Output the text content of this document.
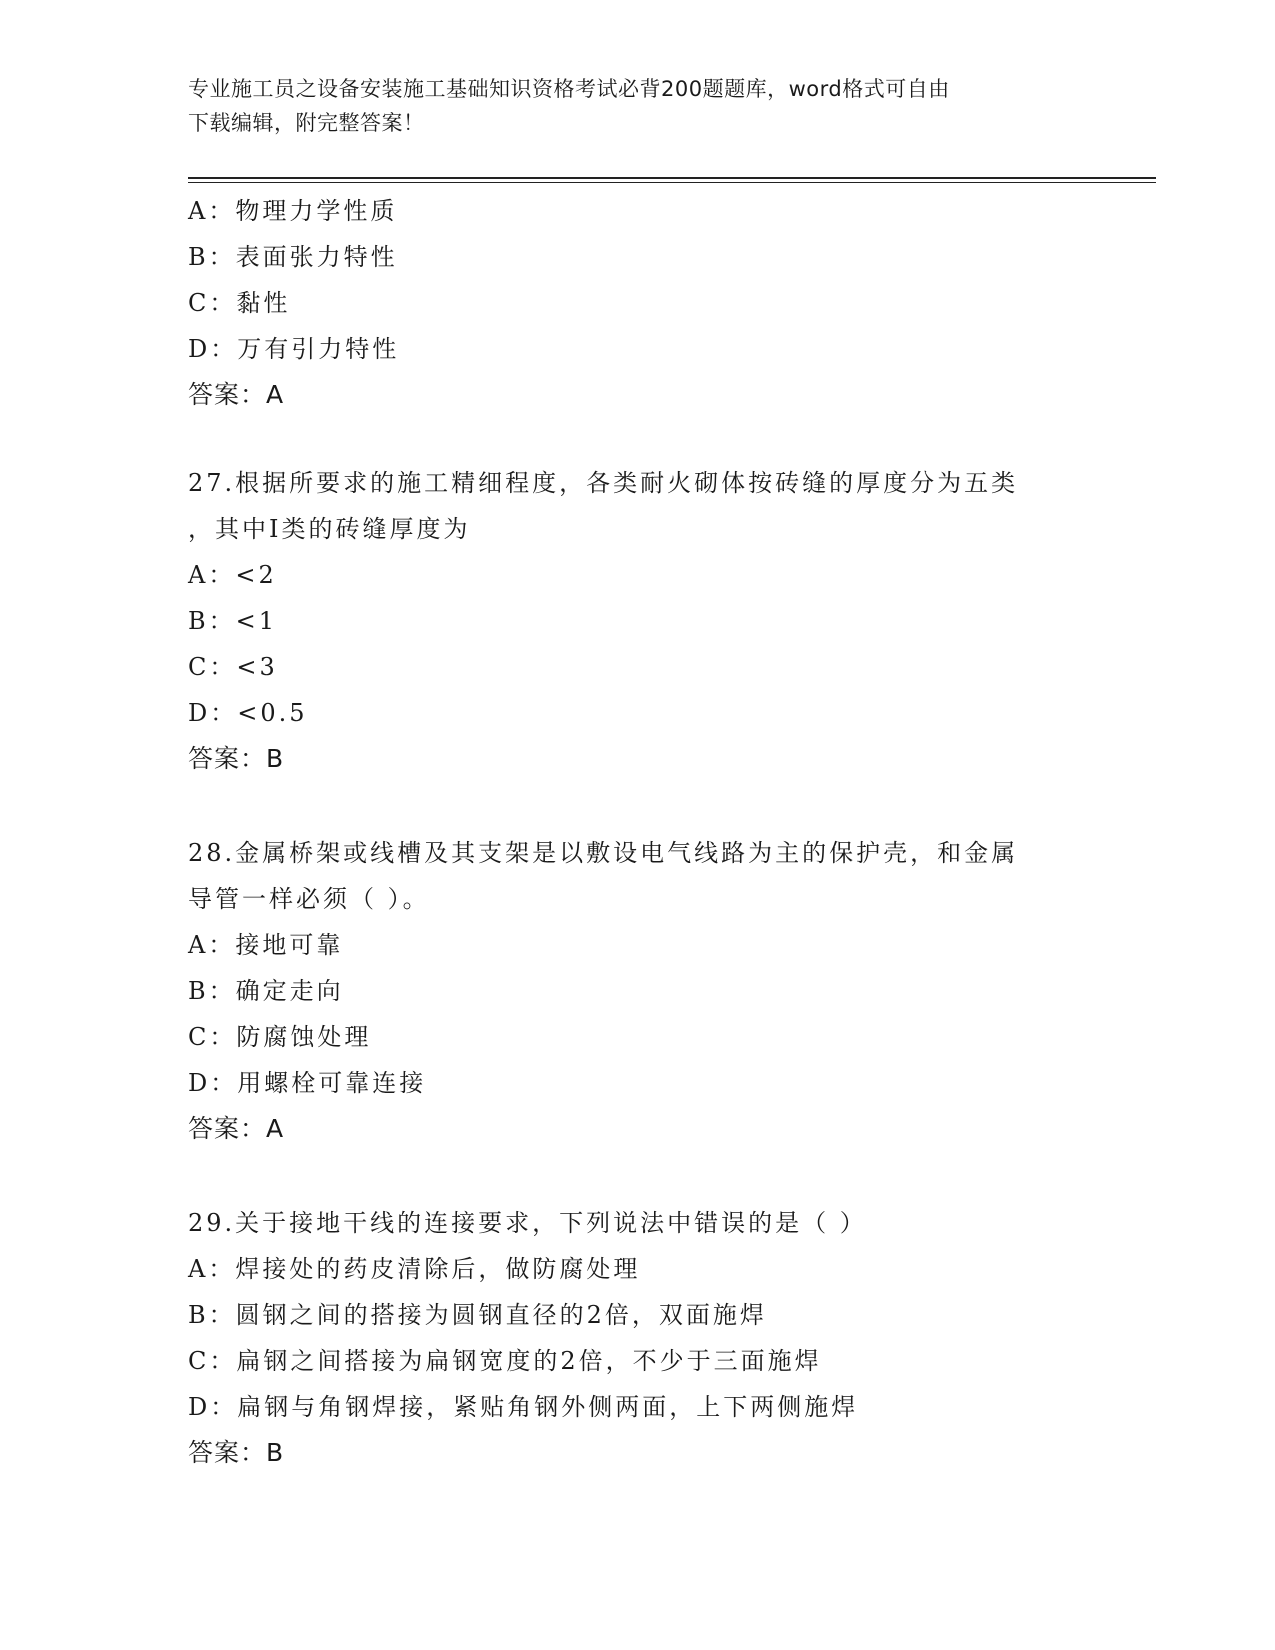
专业施工员之设备安装施工基础知识资格考试必背200题题库，word格式可自由
下载编辑，附完整答案！
A：物理力学性质
B：表面张力特性
C：黏性
D：万有引力特性
答案：A
27.根据所要求的施工精细程度，各类耐火砌体按砖缝的厚度分为五类
，其中Ⅰ类的砖缝厚度为
A：<2
B：<1
C：<3
D：<0.5
答案：B
28.金属桥架或线槽及其支架是以敷设电气线路为主的保护壳，和金属
导管一样必须（ ）。
A：接地可靠
B：确定走向
C：防腐蚀处理
D：用螺栓可靠连接
答案：A
29.关于接地干线的连接要求，下列说法中错误的是（ ）
A：焊接处的药皮清除后，做防腐处理
B：圆钢之间的搭接为圆钢直径的2倍，双面施焊
C：扁钢之间搭接为扁钢宽度的2倍，不少于三面施焊
D：扁钢与角钢焊接，紧贴角钢外侧两面，上下两侧施焊
答案：B
